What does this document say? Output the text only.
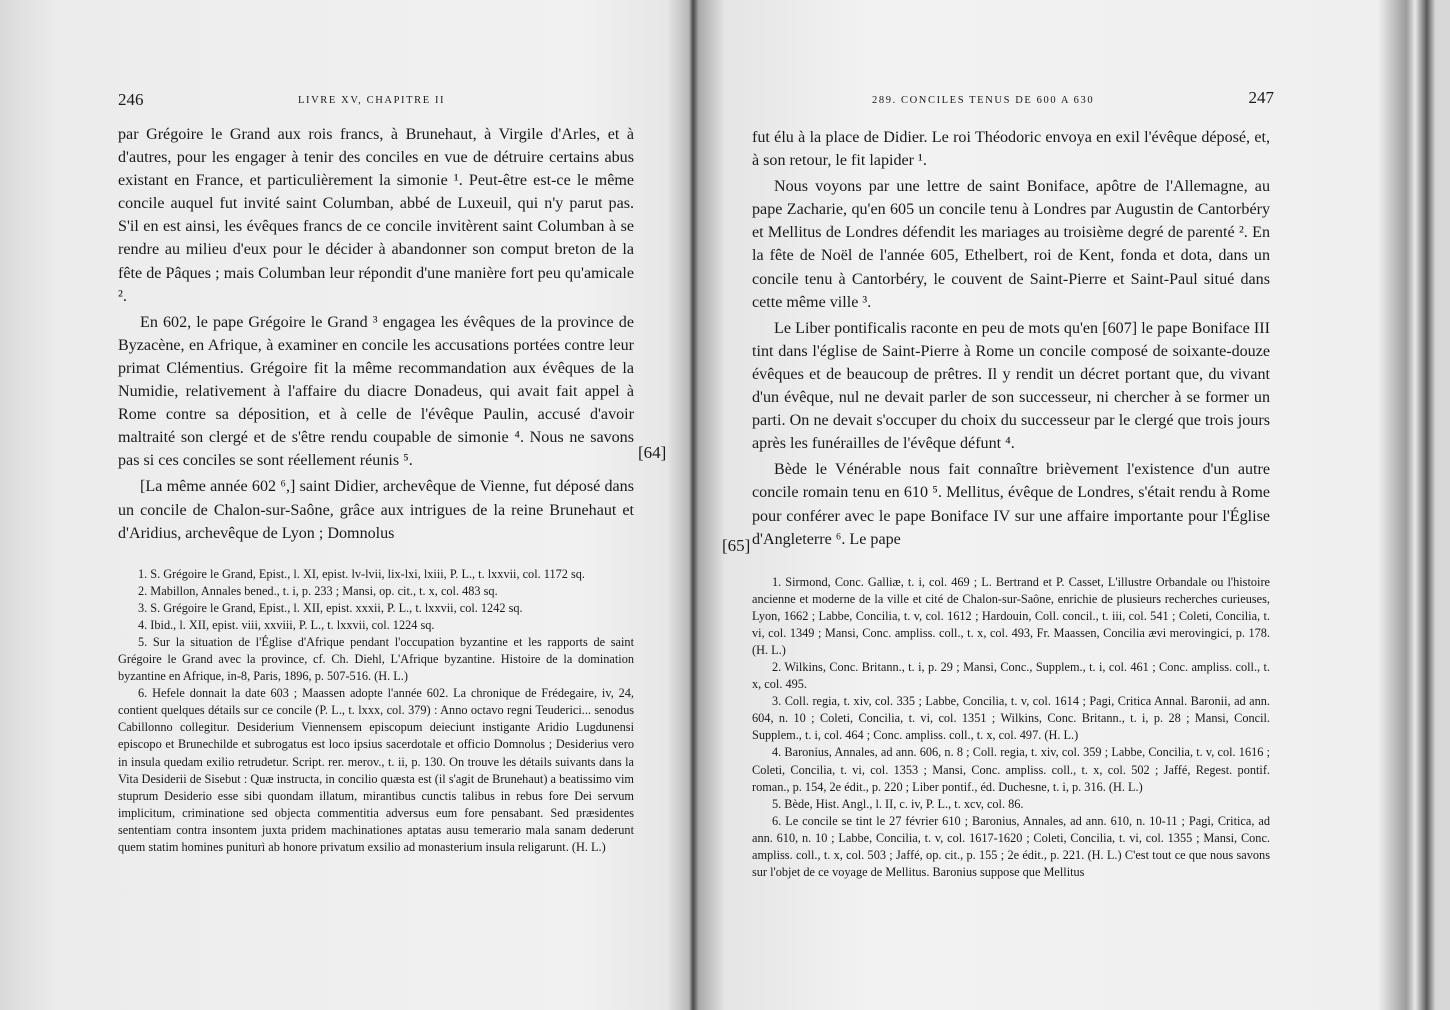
246	LIVRE XV, CHAPITRE II

par Grégoire le Grand aux rois francs, à Brunehaut, à Virgile d'Arles, et à d'autres, pour les engager à tenir des conciles en vue de détruire certains abus existant en France, et particulièrement la simonie ¹. Peut-être est-ce le même concile auquel fut invité saint Columban, abbé de Luxeuil, qui n'y parut pas. S'il en est ainsi, les évêques francs de ce concile invitèrent saint Columban à se rendre au milieu d'eux pour le décider à abandonner son comput breton de la fête de Pâques ; mais Columban leur répondit d'une manière fort peu qu'amicale ².

En 602, le pape Grégoire le Grand ³ engagea les évêques de la province de Byzacène, en Afrique, à examiner en concile les accusations portées contre leur primat Clémentius. Grégoire fit la même recommandation aux évêques de la Numidie, relativement à l'affaire du diacre Donadeus, qui avait fait appel à Rome contre sa déposition, et à celle de l'évêque Paulin, accusé d'avoir maltraité son clergé et de s'être rendu coupable de simonie ⁴. Nous ne savons pas si ces conciles se sont réellement réunis ⁵.

[La même année 602 ⁶,] saint Didier, archevêque de Vienne, fut déposé dans un concile de Chalon-sur-Saône, grâce aux intrigues de la reine Brunehaut et d'Aridius, archevêque de Lyon ; Domnolus

1. S. Grégoire le Grand, Epist., l. XI, epist. lv-lvii, lix-lxi, lxiii, P. L., t. lxxvii, col. 1172 sq.

2. Mabillon, Annales bened., t. i, p. 233 ; Mansi, op. cit., t. x, col. 483 sq.

3. S. Grégoire le Grand, Epist., l. XII, epist. xxxii, P. L., t. lxxvii, col. 1242 sq.

4. Ibid., l. XII, epist. viii, xxviii, P. L., t. lxxvii, col. 1224 sq.

5. Sur la situation de l'Église d'Afrique pendant l'occupation byzantine et les rapports de saint Grégoire le Grand avec la province, cf. Ch. Diehl, L'Afrique byzantine. Histoire de la domination byzantine en Afrique, in-8, Paris, 1896, p. 507-516. (H. L.)

6. Hefele donnait la date 603 ; Maassen adopte l'année 602. La chronique de Frédegaire, iv, 24, contient quelques détails sur ce concile (P. L., t. lxxx, col. 379) : Anno octavo regni Teuderici... senodus Cabillonno collegitur. Desiderium Viennensem episcopum deieciunt instigante Aridio Lugdunensi episcopo et Brunechilde et subrogatus est loco ipsius sacerdotale et officio Domnolus ; Desiderius vero in insula quedam exilio retrudetur. Script. rer. merov., t. ii, p. 130. On trouve les détails suivants dans la Vita Desiderii de Sisebut : Quæ instructa, in concilio quæsta est (il s'agit de Brunehaut) a beatissimo vim stuprum Desiderio esse sibi quondam illatum, mirantibus cunctis talibus in rebus fore Dei servum implicitum, criminatione sed objecta commentitia adversus eum fore pensabant. Sed præsidentes sententiam contra insontem juxta pridem machinationes aptatas ausu temerario mala sanam dederunt quem statim homines puniturì ab honore privatum exsilio ad monasterium insula religarunt. (H. L.)

[64]
[65]
289. CONCILES TENUS DE 600 A 630	247

fut élu à la place de Didier. Le roi Théodoric envoya en exil l'évêque déposé, et, à son retour, le fit lapider ¹.

Nous voyons par une lettre de saint Boniface, apôtre de l'Allemagne, au pape Zacharie, qu'en 605 un concile tenu à Londres par Augustin de Cantorbéry et Mellitus de Londres défendit les mariages au troisième degré de parenté ². En la fête de Noël de l'année 605, Ethelbert, roi de Kent, fonda et dota, dans un concile tenu à Cantorbéry, le couvent de Saint-Pierre et Saint-Paul situé dans cette même ville ³.

Le Liber pontificalis raconte en peu de mots qu'en [607] le pape Boniface III tint dans l'église de Saint-Pierre à Rome un concile composé de soixante-douze évêques et de beaucoup de prêtres. Il y rendit un décret portant que, du vivant d'un évêque, nul ne devait parler de son successeur, ni chercher à se former un parti. On ne devait s'occuper du choix du successeur par le clergé que trois jours après les funérailles de l'évêque défunt ⁴.

Bède le Vénérable nous fait connaître brièvement l'existence d'un autre concile romain tenu en 610 ⁵. Mellitus, évêque de Londres, s'était rendu à Rome pour conférer avec le pape Boniface IV sur une affaire importante pour l'Église d'Angleterre ⁶. Le pape

1. Sirmond, Conc. Galliæ, t. i, col. 469 ; L. Bertrand et P. Casset, L'illustre Orbandale ou l'histoire ancienne et moderne de la ville et cité de Chalon-sur-Saône, enrichie de plusieurs recherches curieuses, Lyon, 1662 ; Labbe, Concilia, t. v, col. 1612 ; Hardouin, Coll. concil., t. iii, col. 541 ; Coleti, Concilia, t. vi, col. 1349 ; Mansi, Conc. ampliss. coll., t. x, col. 493, Fr. Maassen, Concilia ævi merovingici, p. 178. (H. L.)

2. Wilkins, Conc. Britann., t. i, p. 29 ; Mansi, Conc., Supplem., t. i, col. 461 ; Conc. ampliss. coll., t. x, col. 495.

3. Coll. regia, t. xiv, col. 335 ; Labbe, Concilia, t. v, col. 1614 ; Pagi, Critica Annal. Baronii, ad ann. 604, n. 10 ; Coleti, Concilia, t. vi, col. 1351 ; Wilkins, Conc. Britann., t. i, p. 28 ; Mansi, Concil. Supplem., t. i, col. 464 ; Conc. ampliss. coll., t. x, col. 497. (H. L.)

4. Baronius, Annales, ad ann. 606, n. 8 ; Coll. regia, t. xiv, col. 359 ; Labbe, Concilia, t. v, col. 1616 ; Coleti, Concilia, t. vi, col. 1353 ; Mansi, Conc. ampliss. coll., t. x, col. 502 ; Jaffé, Regest. pontif. roman., p. 154, 2e édit., p. 220 ; Liber pontif., éd. Duchesne, t. i, p. 316. (H. L.)

5. Bède, Hist. Angl., l. II, c. iv, P. L., t. xcv, col. 86.

6. Le concile se tint le 27 février 610 ; Baronius, Annales, ad ann. 610, n. 10-11 ; Pagi, Critica, ad ann. 610, n. 10 ; Labbe, Concilia, t. v, col. 1617-1620 ; Coleti, Concilia, t. vi, col. 1355 ; Mansi, Conc. ampliss. coll., t. x, col. 503 ; Jaffé, op. cit., p. 155 ; 2e édit., p. 221. (H. L.) C'est tout ce que nous savons sur l'objet de ce voyage de Mellitus. Baronius suppose que Mellitus
